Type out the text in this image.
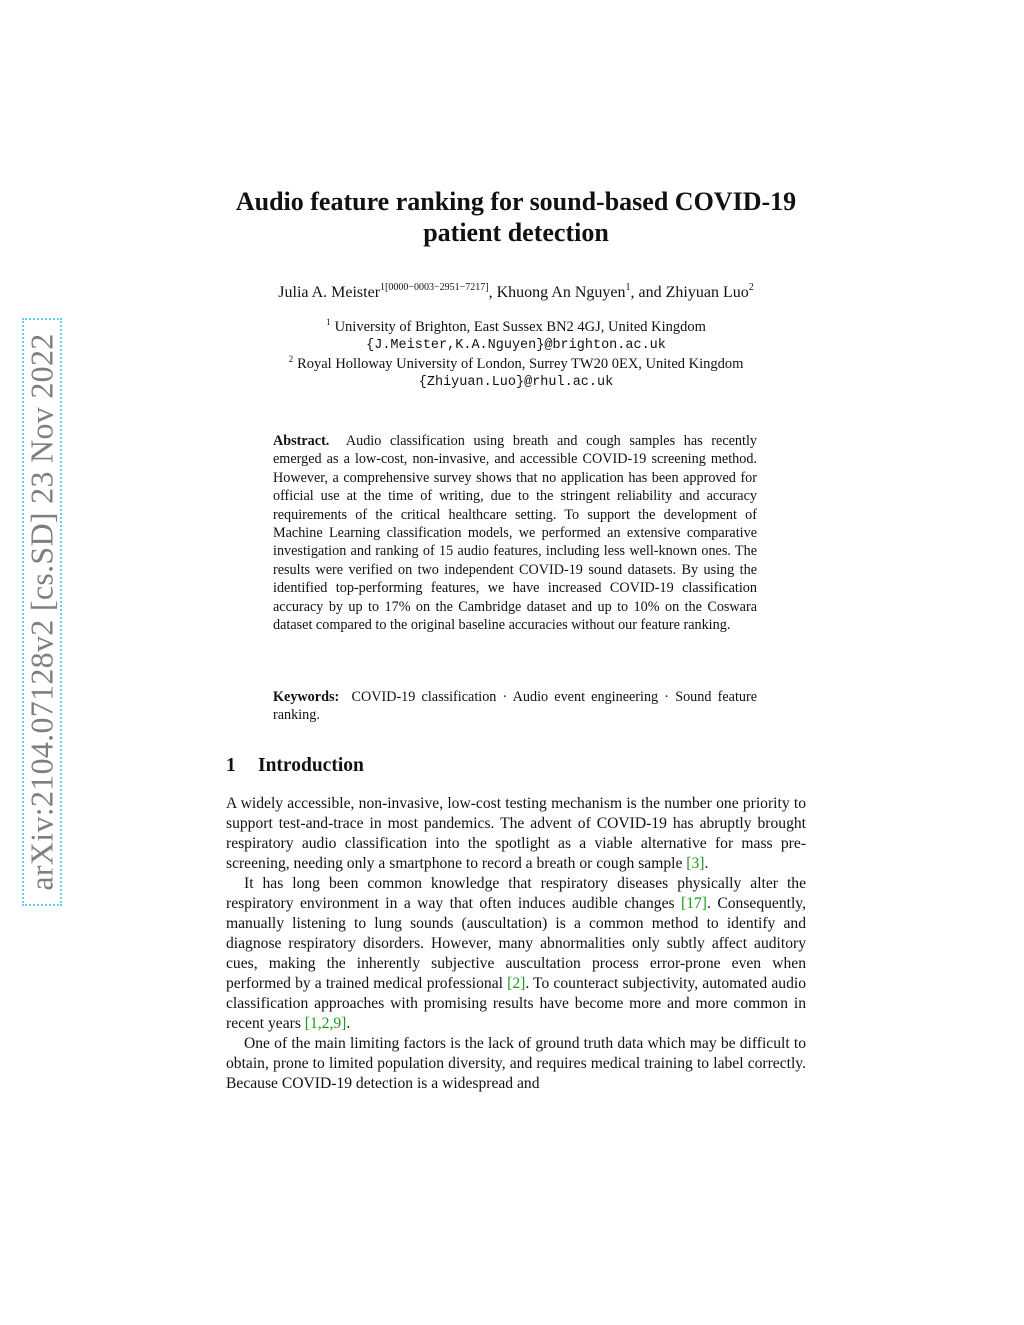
arXiv:2104.07128v2 [cs.SD] 23 Nov 2022
Audio feature ranking for sound-based COVID-19
patient detection
Julia A. Meister$^{1[0000-0003-2951-7217]}$, Khuong An Nguyen$^1$, and Zhiyuan Luo$^2$
$^1$ University of Brighton, East Sussex BN2 4GJ, United Kingdom
{J.Meister,K.A.Nguyen}@brighton.ac.uk
$^2$ Royal Holloway University of London, Surrey TW20 0EX, United Kingdom
{Zhiyuan.Luo}@rhul.ac.uk
Abstract. Audio classification using breath and cough samples has recently emerged as a low-cost, non-invasive, and accessible COVID-19 screening method. However, a comprehensive survey shows that no application has been approved for official use at the time of writing, due to the stringent reliability and accuracy requirements of the critical healthcare setting. To support the development of Machine Learning classification models, we performed an extensive comparative investigation and ranking of 15 audio features, including less well-known ones. The results were verified on two independent COVID-19 sound datasets. By using the identified top-performing features, we have increased COVID-19 classification accuracy by up to 17% on the Cambridge dataset and up to 10% on the Coswara dataset compared to the original baseline accuracies without our feature ranking.
Keywords: COVID-19 classification · Audio event engineering · Sound feature ranking.
1 Introduction

A widely accessible, non-invasive, low-cost testing mechanism is the number one priority to support test-and-trace in most pandemics. The advent of COVID-19 has abruptly brought respiratory audio classification into the spotlight as a viable alternative for mass pre-screening, needing only a smartphone to record a breath or cough sample [3].

It has long been common knowledge that respiratory diseases physically alter the respiratory environment in a way that often induces audible changes [17]. Consequently, manually listening to lung sounds (auscultation) is a common method to identify and diagnose respiratory disorders. However, many abnormalities only subtly affect auditory cues, making the inherently subjective auscultation process error-prone even when performed by a trained medical professional [2]. To counteract subjectivity, automated audio classification approaches with promising results have become more and more common in recent years [1,2,9].

One of the main limiting factors is the lack of ground truth data which may be difficult to obtain, prone to limited population diversity, and requires medical training to label correctly. Because COVID-19 detection is a widespread and
